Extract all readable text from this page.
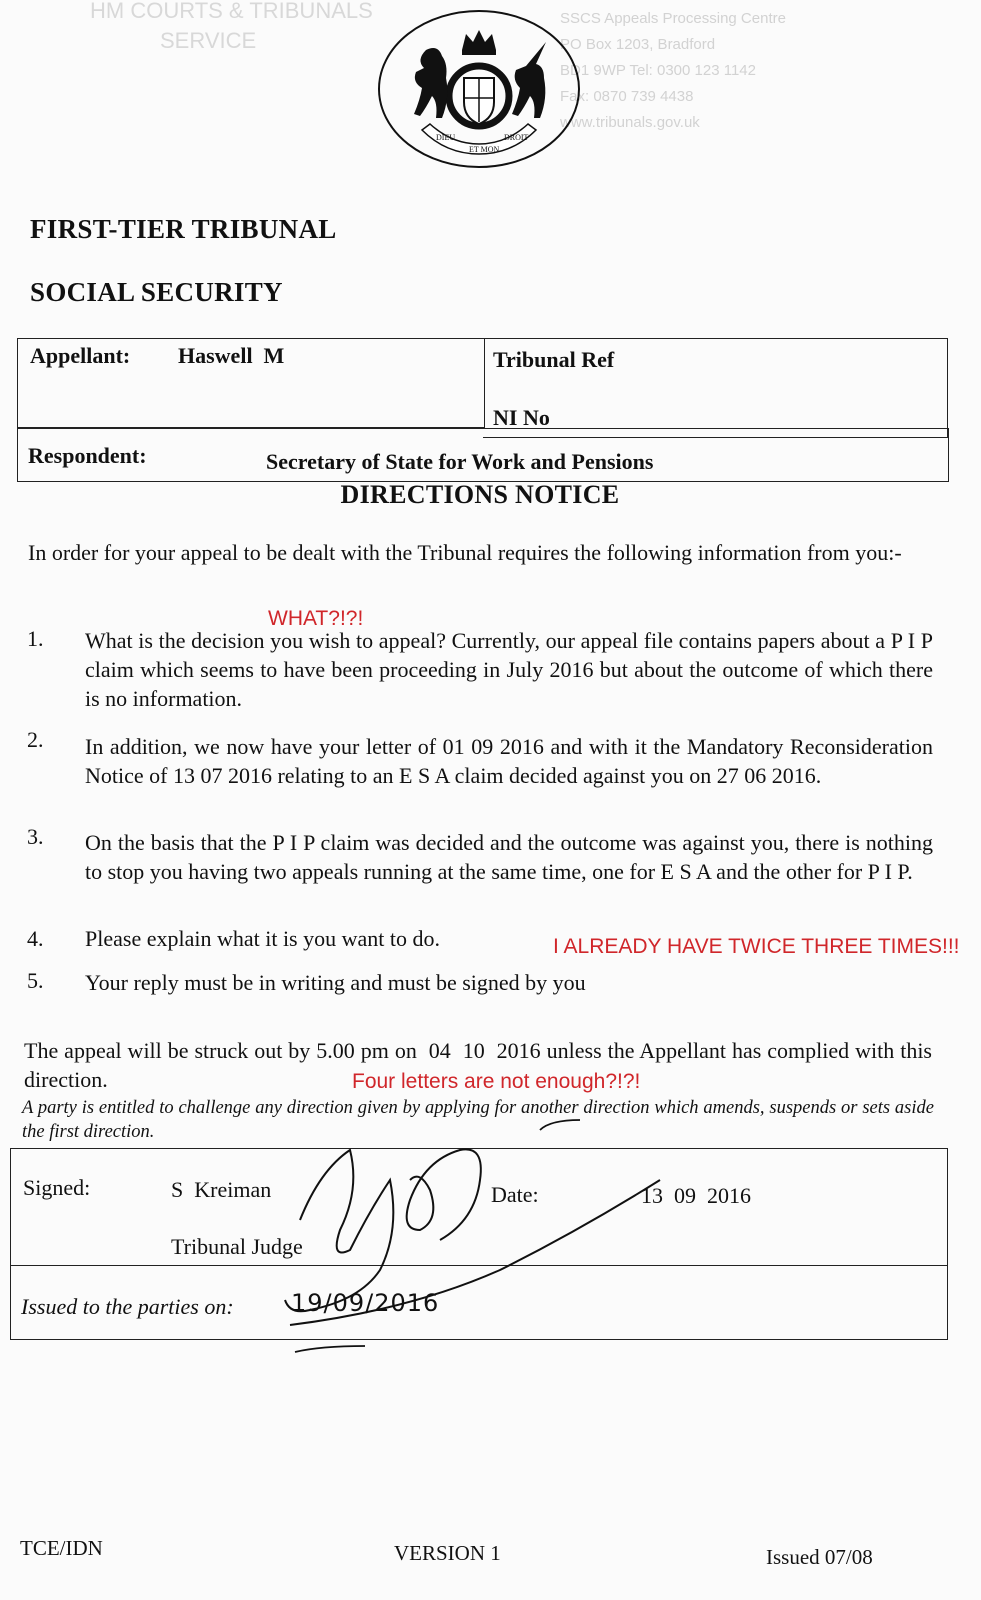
HM COURTS & TRIBUNALS
SERVICE
SSCS Appeals Processing Centre
PO Box 1203, Bradford
BD1 9WP Tel: 0300 123 1142
Fax: 0870 739 4438
www.tribunals.gov.uk
DIEU
ET MON
DROIT
FIRST-TIER TRIBUNAL
SOCIAL SECURITY
Appellant: Haswell  M	Tribunal Ref
NI No
Respondent:	Secretary of State for Work and Pensions
DIRECTIONS NOTICE
In order for your appeal to be dealt with the Tribunal requires the following information from you:-
WHAT?!?!
1. What is the decision you wish to appeal? Currently, our appeal file contains papers about a P I P claim which seems to have been proceeding in July 2016 but about the outcome of which there is no information.
2. In addition, we now have your letter of 01 09 2016 and with it the Mandatory Reconsideration Notice of 13 07 2016 relating to an E S A claim decided against you on 27 06 2016.
3. On the basis that the P I P claim was decided and the outcome was against you, there is nothing to stop you having two appeals running at the same time, one for E S A and the other for P I P.
4. Please explain what it is you want to do.	I ALREADY HAVE TWICE THREE TIMES!!!
5. Your reply must be in writing and must be signed by you
The appeal will be struck out by 5.00 pm on  04  10  2016 unless the Appellant has complied with this direction.	Four letters are not enough?!?!
A party is entitled to challenge any direction given by applying for another direction which amends, suspends or sets aside the first direction.
Signed:	S  Kreiman
Tribunal Judge
Date:	13  09  2016
Issued to the parties on: 19/09/2016
TCE/IDN	VERSION 1	Issued 07/08
